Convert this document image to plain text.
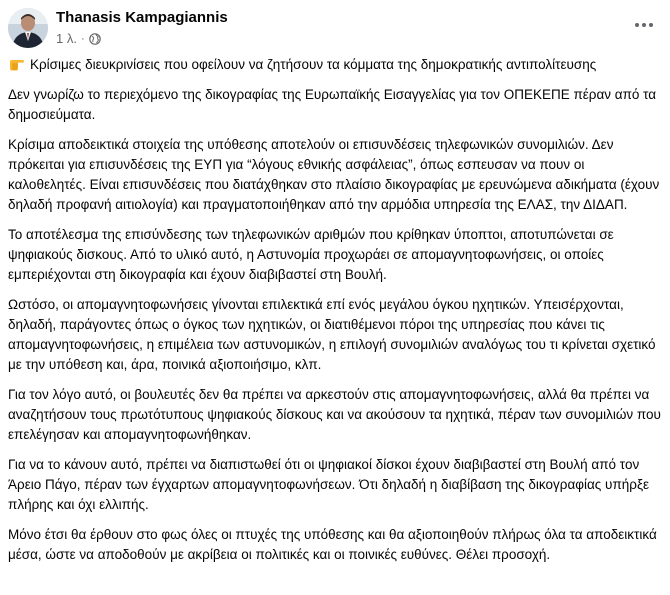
Thanasis Kampagiannis
1 λ. ·

Κρίσιμες διευκρινίσεις που οφείλουν να ζητήσουν τα κόμματα της δημοκρατικής αντιπολίτευσης

Δεν γνωρίζω το περιεχόμενο της δικογραφίας της Ευρωπαϊκής Εισαγγελίας για τον ΟΠΕΚΕΠΕ πέραν από τα δημοσιεύματα.

Κρίσιμα αποδεικτικά στοιχεία της υπόθεσης αποτελούν οι επισυνδέσεις τηλεφωνικών συνομιλιών. Δεν πρόκειται για επισυνδέσεις της ΕΥΠ για “λόγους εθνικής ασφάλειας”, όπως εσπευσαν να πουν οι καλοθελητές. Είναι επισυνδέσεις που διατάχθηκαν στο πλαίσιο δικογραφίας με ερευνώμενα αδικήματα (έχουν δηλαδή προφανή αιτιολογία) και πραγματοποιήθηκαν από την αρμόδια υπηρεσία της ΕΛΑΣ, την ΔΙΔΑΠ.

Το αποτέλεσμα της επισύνδεσης των τηλεφωνικών αριθμών που κρίθηκαν ύποπτοι, αποτυπώνεται σε ψηφιακούς δισκους. Από το υλικό αυτό, η Αστυνομία προχωράει σε απομαγνητοφωνήσεις, οι οποίες εμπεριέχονται στη δικογραφία και έχουν διαβιβαστεί στη Βουλή.

Ωστόσο, οι απομαγνητοφωνήσεις γίνονται επιλεκτικά επί ενός μεγάλου όγκου ηχητικών. Υπεισέρχονται, δηλαδή, παράγοντες όπως ο όγκος των ηχητικών, οι διατιθέμενοι πόροι της υπηρεσίας που κάνει τις απομαγνητοφωνήσεις, η επιμέλεια των αστυνομικών, η επιλογή συνομιλιών αναλόγως του τι κρίνεται σχετικό με την υπόθεση και, άρα, ποινικά αξιοποιήσιμο, κλπ.

Για τον λόγο αυτό, οι βουλευτές δεν θα πρέπει να αρκεστούν στις απομαγνητοφωνήσεις, αλλά θα πρέπει να αναζητήσουν τους πρωτότυπους ψηφιακούς δίσκους και να ακούσουν τα ηχητικά, πέραν των συνομιλιών που επελέγησαν και απομαγνητοφωνήθηκαν.

Για να το κάνουν αυτό, πρέπει να διαπιστωθεί ότι οι ψηφιακοί δίσκοι έχουν διαβιβαστεί στη Βουλή από τον Άρειο Πάγο, πέραν των έγχαρτων απομαγνητοφωνήσεων. Ότι δηλαδή η διαβίβαση της δικογραφίας υπήρξε πλήρης και όχι ελλιπής.

Μόνο έτσι θα έρθουν στο φως όλες οι πτυχές της υπόθεσης και θα αξιοποιηθούν πλήρως όλα τα αποδεικτικά μέσα, ώστε να αποδοθούν με ακρίβεια οι πολιτικές και οι ποινικές ευθύνες. Θέλει προσοχή.
